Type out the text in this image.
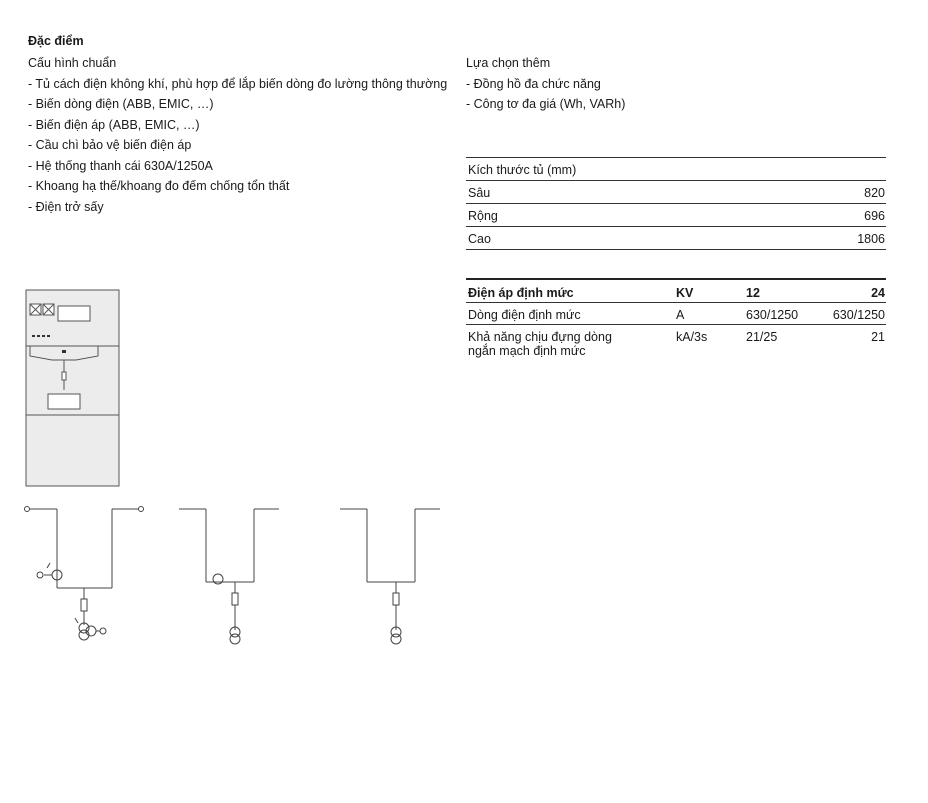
Đặc điểm
Cấu hình chuẩn
- Tủ cách điện không khí, phù hợp để lắp biến dòng đo lường thông thường
- Biến dòng điện (ABB, EMIC, …)
- Biến điện áp (ABB, EMIC, …)
- Cầu chì bảo vệ biến điện áp
- Hệ thống thanh cái 630A/1250A
- Khoang hạ thế/khoang đo đếm chống tổn thất
- Điện trở sấy
Lựa chọn thêm
- Đồng hồ đa chức năng
- Công tơ đa giá (Wh, VARh)
Kích thước tủ (mm)	
Sâu	820
Rộng	696
Cao	1806
Điện áp định mức	KV	12	24
Dòng điện định mức	A	630/1250	630/1250
Khả năng chịu đựng dòng ngắn mạch định mức	kA/3s	21/25	21
